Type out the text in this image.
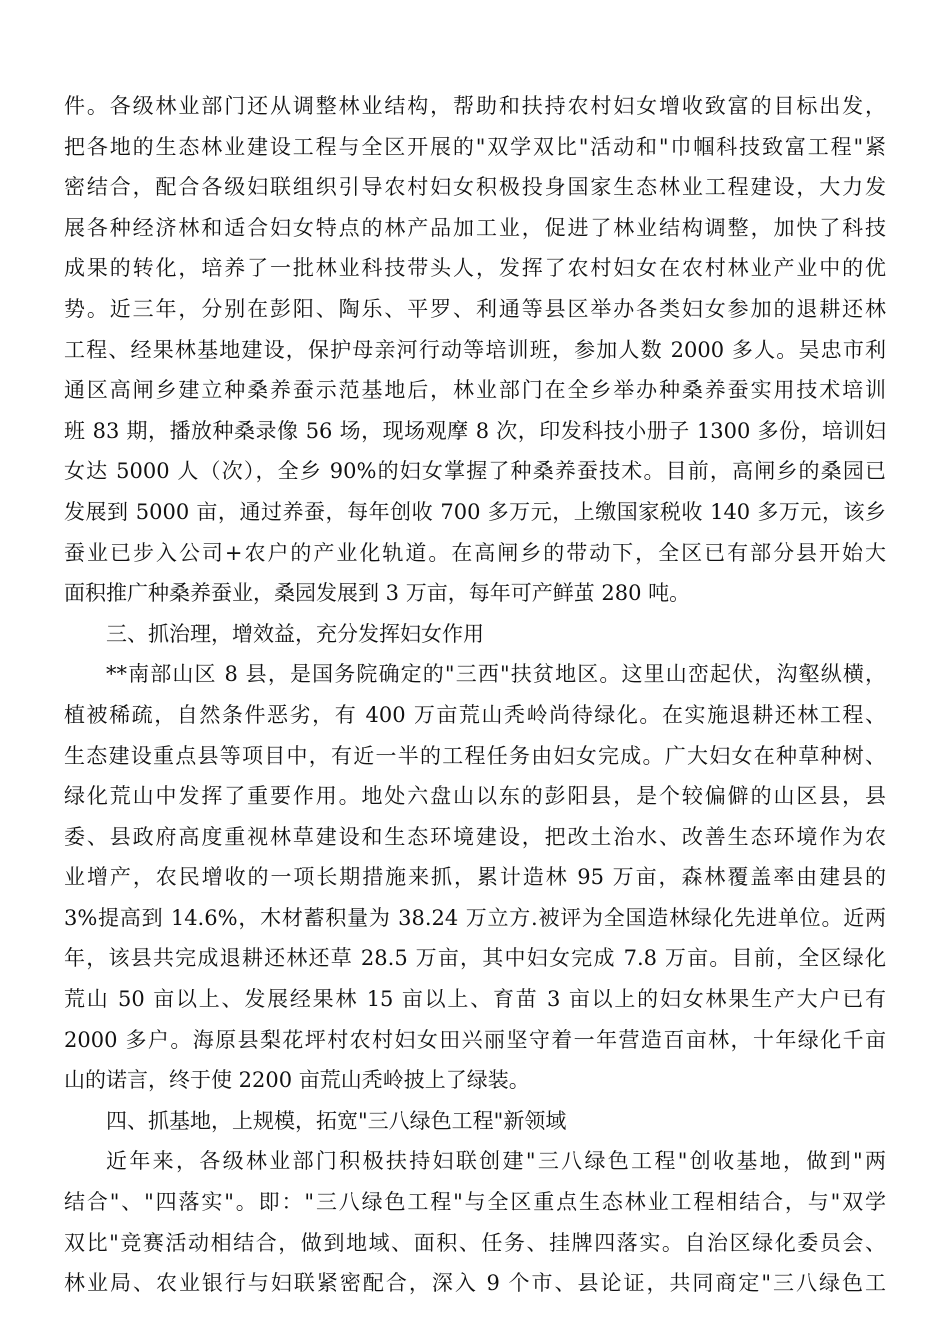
件。各级林业部门还从调整林业结构，帮助和扶持农村妇女增收致富的目标出发，
把各地的生态林业建设工程与全区开展的"双学双比"活动和"巾帼科技致富工程"紧
密结合，配合各级妇联组织引导农村妇女积极投身国家生态林业工程建设，大力发
展各种经济林和适合妇女特点的林产品加工业，促进了林业结构调整，加快了科技
成果的转化，培养了一批林业科技带头人，发挥了农村妇女在农村林业产业中的优
势。近三年，分别在彭阳、陶乐、平罗、利通等县区举办各类妇女参加的退耕还林
工程、经果林基地建设，保护母亲河行动等培训班，参加人数 2000 多人。吴忠市利
通区高闸乡建立种桑养蚕示范基地后，林业部门在全乡举办种桑养蚕实用技术培训
班 83 期，播放种桑录像 56 场，现场观摩 8 次，印发科技小册子 1300 多份，培训妇
女达 5000 人（次），全乡 90%的妇女掌握了种桑养蚕技术。目前，高闸乡的桑园已
发展到 5000 亩，通过养蚕，每年创收 700 多万元，上缴国家税收 140 多万元，该乡
蚕业已步入公司+农户的产业化轨道。在高闸乡的带动下，全区已有部分县开始大
面积推广种桑养蚕业，桑园发展到 3 万亩，每年可产鲜茧 280 吨。
三、抓治理，增效益，充分发挥妇女作用
**南部山区 8 县，是国务院确定的"三西"扶贫地区。这里山峦起伏，沟壑纵横，
植被稀疏，自然条件恶劣，有 400 万亩荒山秃岭尚待绿化。在实施退耕还林工程、
生态建设重点县等项目中，有近一半的工程任务由妇女完成。广大妇女在种草种树、
绿化荒山中发挥了重要作用。地处六盘山以东的彭阳县，是个较偏僻的山区县，县
委、县政府高度重视林草建设和生态环境建设，把改土治水、改善生态环境作为农
业增产，农民增收的一项长期措施来抓，累计造林 95 万亩，森林覆盖率由建县的
3%提高到 14.6%，木材蓄积量为 38.24 万立方.被评为全国造林绿化先进单位。近两
年，该县共完成退耕还林还草 28.5 万亩，其中妇女完成 7.8 万亩。目前，全区绿化
荒山 50 亩以上、发展经果林 15 亩以上、育苗 3 亩以上的妇女林果生产大户已有
2000 多户。海原县梨花坪村农村妇女田兴丽坚守着一年营造百亩林，十年绿化千亩
山的诺言，终于使 2200 亩荒山秃岭披上了绿装。
四、抓基地，上规模，拓宽"三八绿色工程"新领域
近年来，各级林业部门积极扶持妇联创建"三八绿色工程"创收基地，做到"两
结合"、"四落实"。即："三八绿色工程"与全区重点生态林业工程相结合，与"双学
双比"竞赛活动相结合，做到地域、面积、任务、挂牌四落实。自治区绿化委员会、
林业局、农业银行与妇联紧密配合，深入 9 个市、县论证，共同商定"三八绿色工
